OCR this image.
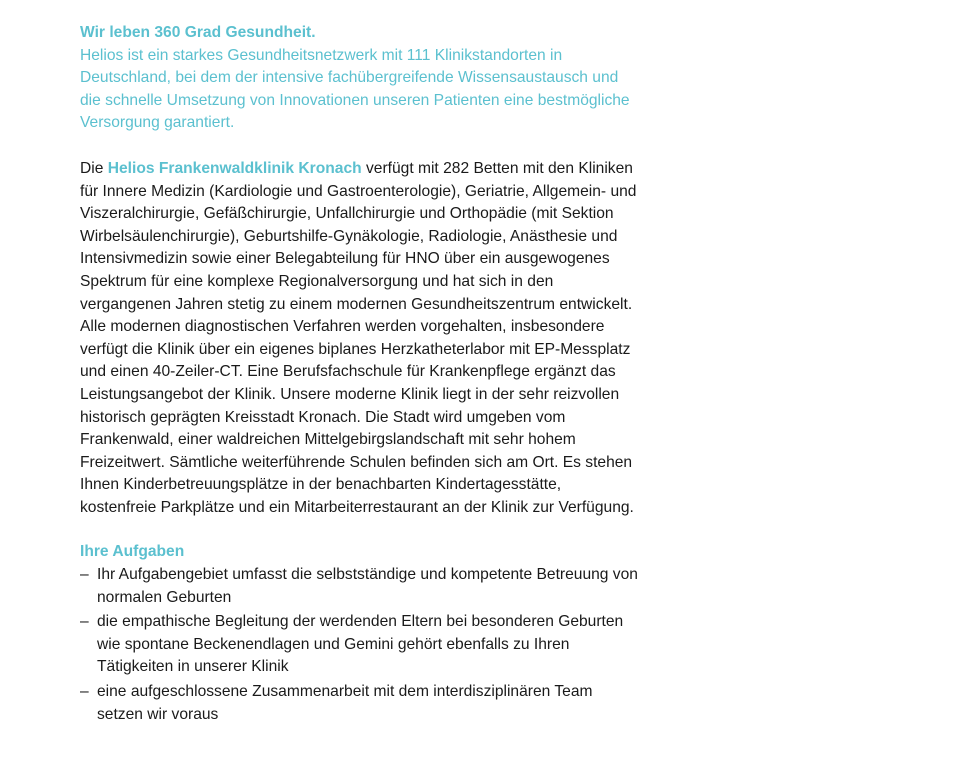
Wir leben 360 Grad Gesundheit.

Helios ist ein starkes Gesundheitsnetzwerk mit 111 Klinikstandorten in Deutschland, bei dem der intensive fachübergreifende Wissensaustausch und die schnelle Umsetzung von Innovationen unseren Patienten eine bestmögliche Versorgung garantiert.

Die Helios Frankenwaldklinik Kronach verfügt mit 282 Betten mit den Kliniken für Innere Medizin (Kardiologie und Gastroenterologie), Geriatrie, Allgemein- und Viszeralchirurgie, Gefäßchirurgie, Unfallchirurgie und Orthopädie (mit Sektion Wirbelsäulenchirurgie), Geburtshilfe-Gynäkologie, Radiologie, Anästhesie und Intensivmedizin sowie einer Belegabteilung für HNO über ein ausgewogenes Spektrum für eine komplexe Regionalversorgung und hat sich in den vergangenen Jahren stetig zu einem modernen Gesundheitszentrum entwickelt. Alle modernen diagnostischen Verfahren werden vorgehalten, insbesondere verfügt die Klinik über ein eigenes biplanes Herzkatheterlabor mit EP-Messplatz und einen 40-Zeiler-CT. Eine Berufsfachschule für Krankenpflege ergänzt das Leistungsangebot der Klinik. Unsere moderne Klinik liegt in der sehr reizvollen historisch geprägten Kreisstadt Kronach. Die Stadt wird umgeben vom Frankenwald, einer waldreichen Mittelgebirgslandschaft mit sehr hohem Freizeitwert. Sämtliche weiterführende Schulen befinden sich am Ort. Es stehen Ihnen Kinderbetreuungsplätze in der benachbarten Kindertagesstätte, kostenfreie Parkplätze und ein Mitarbeiterrestaurant an der Klinik zur Verfügung.

Ihre Aufgaben

– Ihr Aufgabengebiet umfasst die selbstständige und kompetente Betreuung von normalen Geburten
– die empathische Begleitung der werdenden Eltern bei besonderen Geburten wie spontane Beckenendlagen und Gemini gehört ebenfalls zu Ihren Tätigkeiten in unserer Klinik
– eine aufgeschlossene Zusammenarbeit mit dem interdisziplinären Team setzen wir voraus
